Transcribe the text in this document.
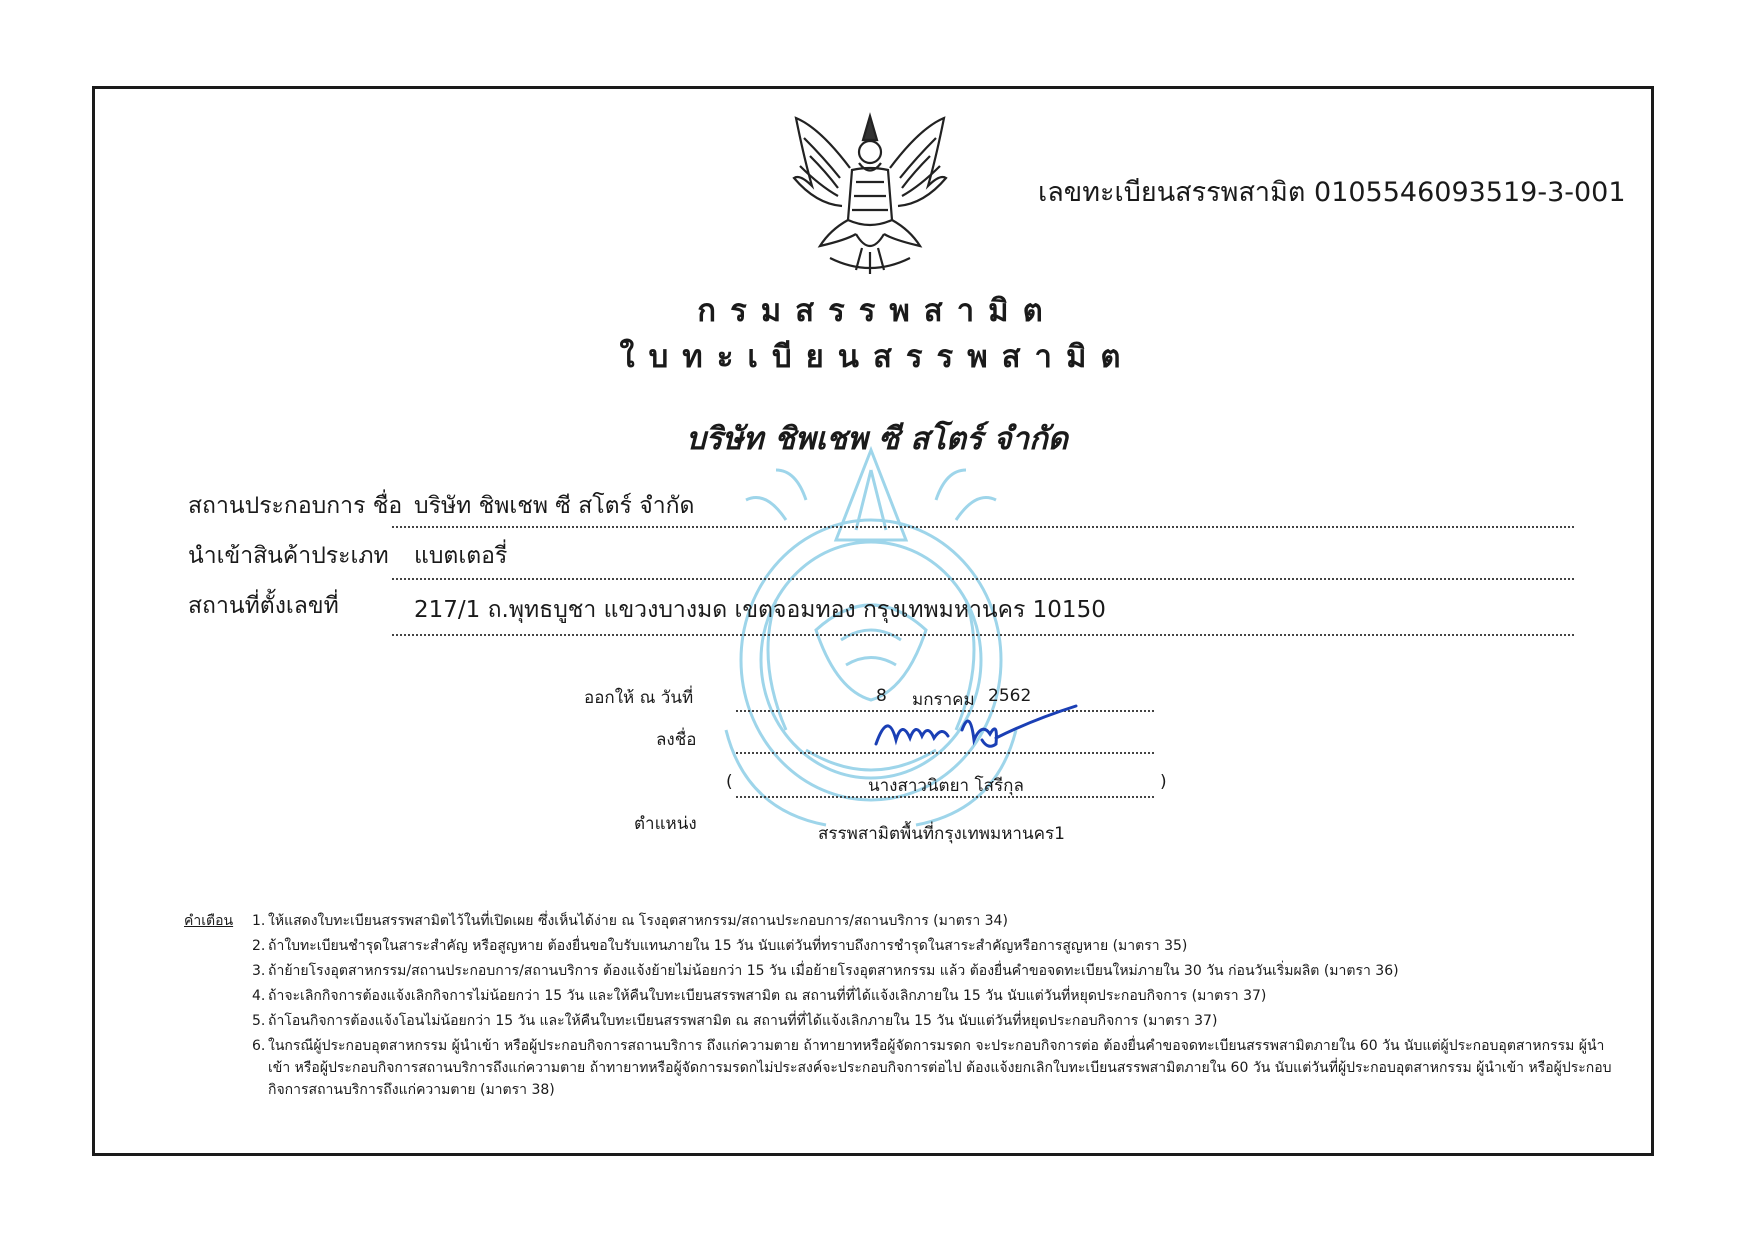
เลขทะเบียนสรรพสามิต 0105546093519-3-001
กรมสรรพสามิต
ใบทะเบียนสรรพสามิต
บริษัท ชิพเชพ ซี สโตร์ จำกัด
สถานประกอบการ ชื่อ บริษัท ชิพเชพ ซี สโตร์ จำกัด
นำเข้าสินค้าประเภท แบตเตอรี่
สถานที่ตั้งเลขที่	217/1 ถ.พุทธบูชา แขวงบางมด เขตจอมทอง กรุงเทพมหานคร 10150
ออกให้ ณ วันที่	8 มกราคม 2562
ลงชื่อ
(	นางสาวนิตยา โสรีกุล	)
ตำแหน่ง	สรรพสามิตพื้นที่กรุงเทพมหานคร1
คำเตือน 1. ให้แสดงใบทะเบียนสรรพสามิตไว้ในที่เปิดเผย ซึ่งเห็นได้ง่าย ณ โรงอุตสาหกรรม/สถานประกอบการ/สถานบริการ (มาตรา 34)
2. ถ้าใบทะเบียนชำรุดในสาระสำคัญ หรือสูญหาย ต้องยื่นขอใบรับแทนภายใน 15 วัน นับแต่วันที่ทราบถึงการชำรุดในสาระสำคัญหรือการสูญหาย (มาตรา 35)
3. ถ้าย้ายโรงอุตสาหกรรม/สถานประกอบการ/สถานบริการ ต้องแจ้งย้ายไม่น้อยกว่า 15 วัน เมื่อย้ายโรงอุตสาหกรรม แล้ว ต้องยื่นคำขอจดทะเบียนใหม่ภายใน 30 วัน ก่อนวันเริ่มผลิต (มาตรา 36)
4. ถ้าจะเลิกกิจการต้องแจ้งเลิกกิจการไม่น้อยกว่า 15 วัน และให้คืนใบทะเบียนสรรพสามิต ณ สถานที่ที่ได้แจ้งเลิกภายใน 15 วัน นับแต่วันที่หยุดประกอบกิจการ (มาตรา 37)
5. ถ้าโอนกิจการต้องแจ้งโอนไม่น้อยกว่า 15 วัน และให้คืนใบทะเบียนสรรพสามิต ณ สถานที่ที่ได้แจ้งเลิกภายใน 15 วัน นับแต่วันที่หยุดประกอบกิจการ (มาตรา 37)
6. ในกรณีผู้ประกอบอุตสาหกรรม ผู้นำเข้า หรือผู้ประกอบกิจการสถานบริการ ถึงแก่ความตาย ถ้าทายาทหรือผู้จัดการมรดก จะประกอบกิจการต่อ ต้องยื่นคำขอจดทะเบียนสรรพสามิตภายใน 60 วัน นับแต่ผู้ประกอบอุตสาหกรรม ผู้นำเข้า หรือผู้ประกอบกิจการสถานบริการถึงแก่ความตาย ถ้าทายาทหรือผู้จัดการมรดกไม่ประสงค์จะประกอบกิจการต่อไป ต้องแจ้งยกเลิกใบทะเบียนสรรพสามิตภายใน 60 วัน นับแต่วันที่ผู้ประกอบอุตสาหกรรม ผู้นำเข้า หรือผู้ประกอบกิจการสถานบริการถึงแก่ความตาย (มาตรา 38)
